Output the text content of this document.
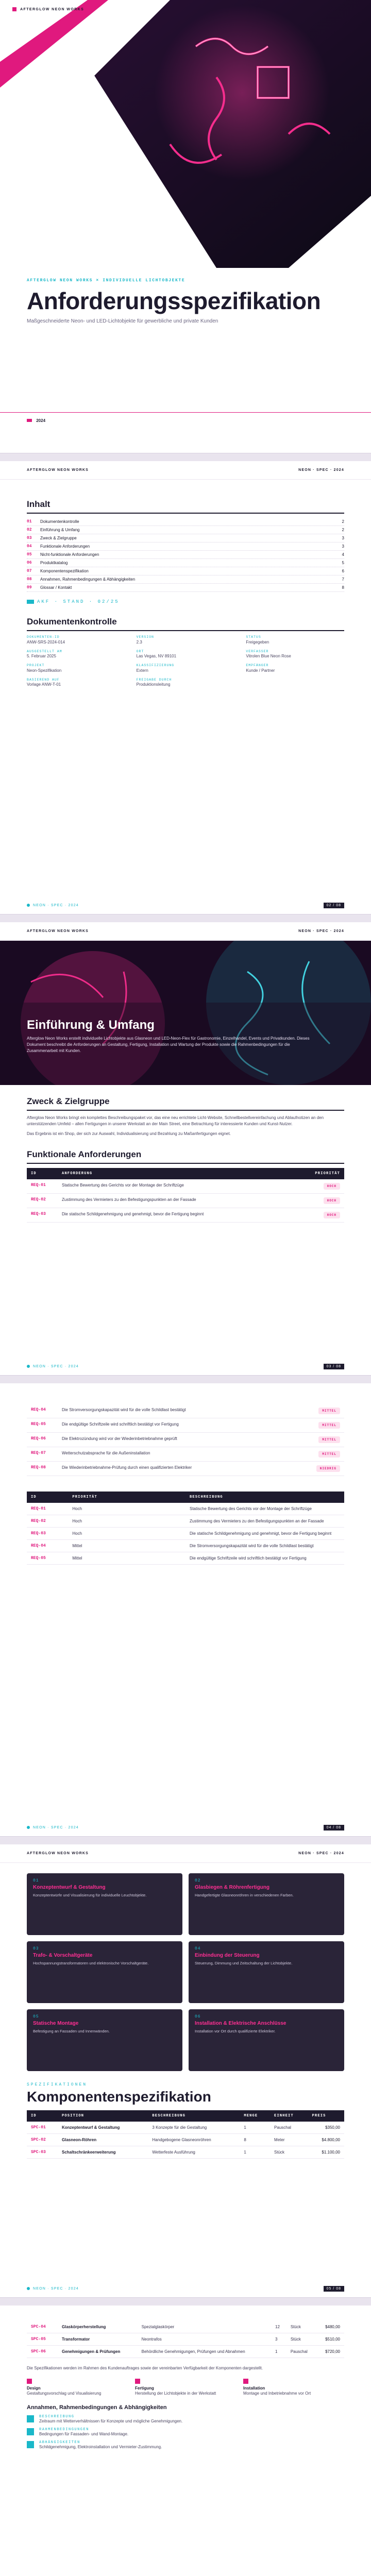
AFTERGLOW NEON WORKS
AFTERGLOW NEON WORKS × INDIVIDUELLE LICHTOBJEKTE
Anforderungsspezifikation
Maßgeschneiderte Neon- und LED-Lichtobjekte für gewerbliche und private Kunden
2024
AFTERGLOW NEON WORKS	NEON · SPEC · 2024
Inhalt
01	Dokumentenkontrolle	2
02	Einführung & Umfang	2
03	Zweck & Zielgruppe	3
04	Funktionale Anforderungen	3
05	Nicht-funktionale Anforderungen	4
06	Produktkatalog	5
07	Komponentenspezifikation	6
08	Annahmen, Rahmenbedingungen & Abhängigkeiten	7
09	Glossar / Kontakt	8
AKF · STAND · 02/25
Dokumentenkontrolle
DOKUMENTEN-ID
ANW-SRS-2024-014
VERSION
2.3
STATUS
Freigegeben
AUSGESTELLT AM
5. Februar 2025
ORT
Las Vegas, NV 89101
VERFASSER
Vitrolen Blue Neon Rose
PROJEKT
Neon-Spezifikation
KLASSIFIZIERUNG
Extern
EMPFÄNGER
Kunde / Partner
BASIEREND AUF
Vorlage ANW-T-01
FREIGABE DURCH
Produktionsleitung
NEON · SPEC · 2024	02 / 08
AFTERGLOW NEON WORKS	NEON · SPEC · 2024
Einführung & Umfang
Afterglow Neon Works erstellt individuelle Lichtobjekte aus Glasneon und LED-Neon-Flex für Gastronomie, Einzelhandel, Events und Privatkunden. Dieses Dokument beschreibt die Anforderungen an Gestaltung, Fertigung, Installation und Wartung der Produkte sowie die Rahmenbedingungen für die Zusammenarbeit mit Kunden.
Zweck & Zielgruppe

Afterglow Neon Works bringt ein komplettes Beschreibungspaket vor, das eine neu errichtete Licht-Website, Schnellbestellvereinfachung und Ablaufnotizen an den unterstützenden Umfeld – allen Fertigungen in unserer Werkstatt an der Main Street, eine Betrachtung für interessierte Kunden und Kunst-Nutzer.

Das Ergebnis ist ein Shop, der sich zur Auswahl, Individualisierung und Bezahlung zu Maßanfertigungen eignet.

Funktionale Anforderungen
ID	ANFORDERUNG	PRIORITÄT
REQ-01	Statische Bewertung des Gerichts vor der Montage der Schriftzüge	HOCH
REQ-02	Zustimmung des Vermieters zu den Befestigungspunkten an der Fassade	HOCH
REQ-03	Die statische Schildgenehmigung und genehmigt, bevor die Fertigung beginnt	HOCH
NEON · SPEC · 2024	03 / 08
REQ-04	Die Stromversorgungskapazität wird für die volle Schildlast bestätigt	MITTEL
REQ-05	Die endgültige Schriftzeile wird schriftlich bestätigt vor Fertigung	MITTEL
REQ-06	Die Elektrozündung wird vor der Wiederinbetriebnahme geprüft	MITTEL
REQ-07	Wetterschutzabsprache für die Außeninstallation	MITTEL
REQ-08	Die Wiederinbetriebnahme-Prüfung durch einen qualifizierten Elektriker	NIEDRIG
ID	PRIORITÄT	BESCHREIBUNG
REQ-01	Hoch	Statische Bewertung des Gerichts vor der Montage der Schriftzüge
REQ-02	Hoch	Zustimmung des Vermieters zu den Befestigungspunkten an der Fassade
REQ-03	Hoch	Die statische Schildgenehmigung und genehmigt, bevor die Fertigung beginnt
REQ-04	Mittel	Die Stromversorgungskapazität wird für die volle Schildlast bestätigt
REQ-05	Mittel	Die endgültige Schriftzeile wird schriftlich bestätigt vor Fertigung
NEON · SPEC · 2024	04 / 08
AFTERGLOW NEON WORKS	NEON · SPEC · 2024
01
Konzeptentwurf & Gestaltung
Konzeptentwürfe und Visualisierung für individuelle Leuchtobjekte.
02
Glasbiegen & Röhrenfertigung
Handgefertigte Glasneonröhren in verschiedenen Farben.
03
Trafo- & Vorschaltgeräte
Hochspannungstransformatoren und elektronische Vorschaltgeräte.
04
Einbindung der Steuerung
Steuerung, Dimmung und Zeitschaltung der Lichtobjekte.
05
Statische Montage
Befestigung an Fassaden und Innenwänden.
06
Installation & Elektrische Anschlüsse
Installation vor Ort durch qualifizierte Elektriker.
SPEZIFIKATIONEN
Komponentenspezifikation
ID	POSITION	BESCHREIBUNG	MENGE	EINHEIT	PREIS
SPC-01	Konzeptentwurf & Gestaltung	3 Konzepte für die Gestaltung	1	Pauschal	$350,00
SPC-02	Glasneon-Röhren	Handgebogene Glasneonröhren	8	Meter	$4.800,00
SPC-03	Schaltschränkeerweiterung	Wetterfeste Ausführung	1	Stück	$1.100,00
NEON · SPEC · 2024	05 / 08
SPC-04	Glaskörperherstellung	Spezialglaskörper	12	Stück	$480,00
SPC-05	Transformator	Neontrafos	3	Stück	$510,00
SPC-06	Genehmigungen & Prüfungen	Behördliche Genehmigungen, Prüfungen und Abnahmen	1	Pauschal	$720,00

Die Spezifikationen werden im Rahmen des Kundenauftrages sowie der vereinbarten Verfügbarkeit der Komponenten dargestellt.

Design
Gestaltungsvorschlag und Visualisierung
Fertigung
Herstellung der Lichtobjekte in der Werkstatt
Installation
Montage und Inbetriebnahme vor Ort
Annahmen, Rahmenbedingungen & Abhängigkeiten
BESCHREIBUNG
Zeitraum mit Wetterverhältnissen für Konzepte und mögliche Genehmigungen.
RAHMENBEDINGUNGEN
Bedingungen für Fassaden- und Wand-Montage.
ABHÄNGIGKEITEN
Schildgenehmigung, Elektroinstallation und Vermieter-Zustimmung.
